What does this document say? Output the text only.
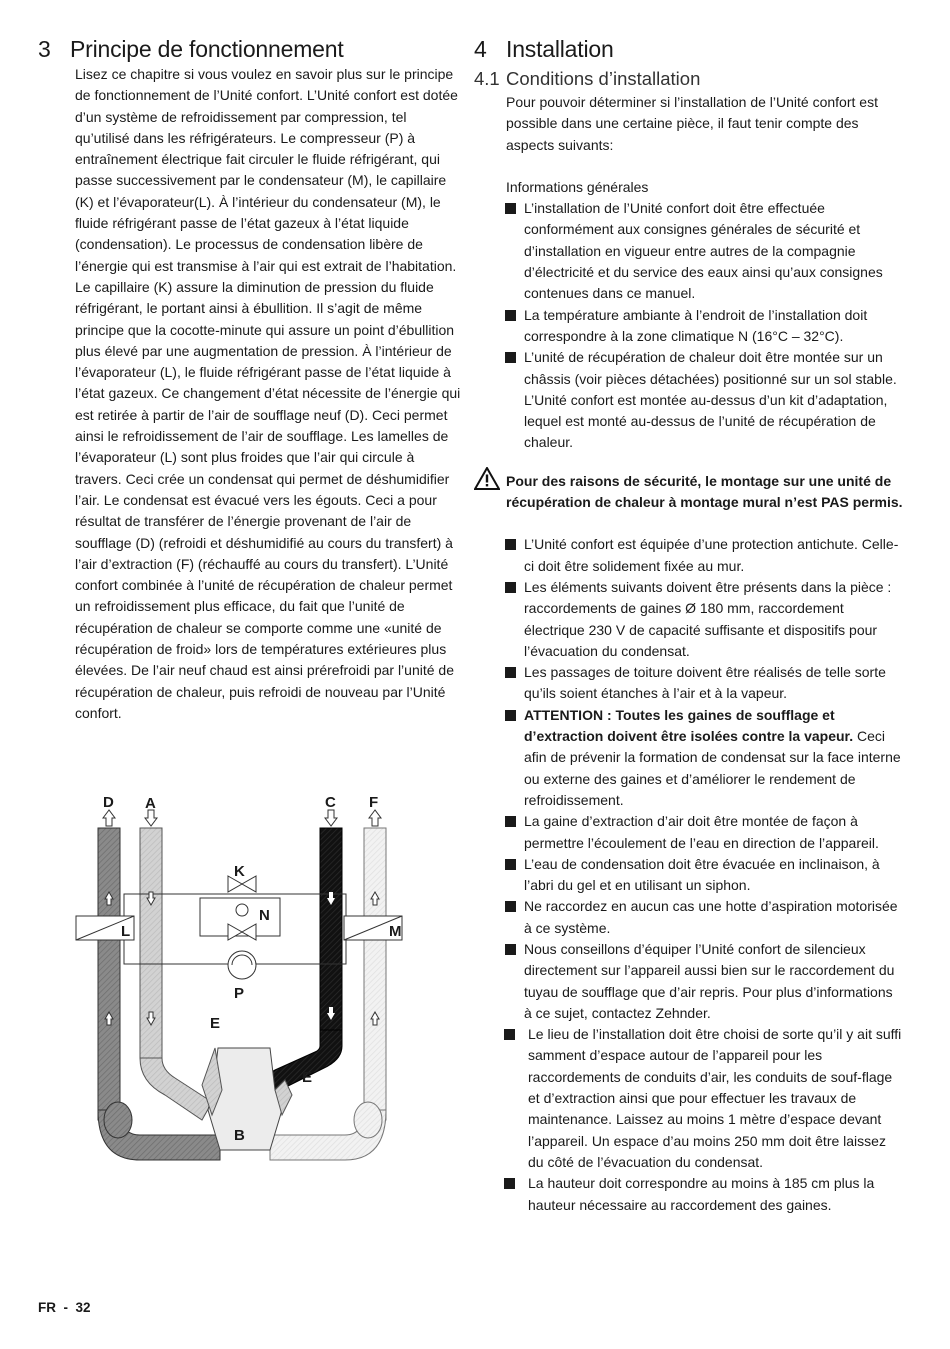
3 Principe de fonctionnement

Lisez ce chapitre si vous voulez en savoir plus sur le principe de fonctionnement de l’Unité confort. L’Unité confort est dotée d’un système de refroidissement par compression, tel qu’utilisé dans les réfrigérateurs. Le compresseur (P) à entraînement électrique fait circuler le fluide réfrigérant, qui passe successivement par le condensateur (M), le capillaire (K) et l’évaporateur(L). À l’intérieur du condensateur (M), le fluide réfrigérant passe de l’état gazeux à l’état liquide (condensation). Le processus de condensation libère de l’énergie qui est transmise à l’air qui est extrait de l’habitation. Le capillaire (K) assure la diminution de pression du fluide réfrigérant, le portant ainsi à ébullition. Il s’agit de même principe que la cocotte-minute qui assure un point d’ébullition plus élevé par une augmentation de pression. À l’intérieur de l’évaporateur (L), le fluide réfrigérant passe de l’état liquide à l’état gazeux. Ce changement d’état nécessite de l’énergie qui est retirée à partir de l’air de soufflage neuf (D). Ceci permet ainsi le refroidissement de l’air de soufflage. Les lamelles de l’évaporateur (L) sont plus froides que l’air qui circule à travers. Ceci crée un condensat qui permet de déshumidifier l’air. Le condensat est évacué vers les égouts. Ceci a pour résultat de transférer de l’énergie provenant de l’air de soufflage (D) (refroidi et déshumidifié au cours du transfert) à l’air d’extraction (F) (réchauffé au cours du transfert). L’Unité confort combinée à l’unité de récupération de chaleur permet un refroidissement plus efficace, du fait que l’unité de récupération de chaleur se comporte comme une «unité de récupération de froid» lors de températures extérieures plus élevées. De l’air neuf chaud est ainsi prérefroidi par l’unité de récupération de chaleur, puis refroidi de nouveau par l’Unité confort.

D A	C F
K
N
L	M
P
E
E
B
4 Installation
4.1 Conditions d’installation

Pour pouvoir déterminer si l’installation de l’Unité confort est possible dans une certaine pièce, il faut tenir compte des aspects suivants:

Informations générales

L’installation de l’Unité confort doit être effectuée conformément aux consignes générales de sécurité et d’installation en vigueur entre autres de la compagnie d’électricité et du service des eaux ainsi qu’aux consignes contenues dans ce manuel.
La température ambiante à l’endroit de l’installation doit correspondre à la zone climatique N (16°C – 32°C).
L’unité de récupération de chaleur doit être montée sur un châssis (voir pièces détachées) positionné sur un sol stable. L’Unité confort est montée au-dessus d’un kit d’adaptation, lequel est monté au-dessus de l’unité de récupération de chaleur.
Pour des raisons de sécurité, le montage sur une unité de récupération de chaleur à montage mural n’est PAS permis.
L’Unité confort est équipée d’une protection antichute. Celle-ci doit être solidement fixée au mur.
Les éléments suivants doivent être présents dans la pièce : raccordements de gaines Ø 180 mm, raccordement électrique 230 V de capacité suffisante et dispositifs pour l’évacuation du condensat.
Les passages de toiture doivent être réalisés de telle sorte qu’ils soient étanches à l’air et à la vapeur.
ATTENTION : Toutes les gaines de soufflage et d’extraction doivent être isolées contre la vapeur. Ceci afin de prévenir la formation de condensat sur la face interne ou externe des gaines et d’améliorer le rendement de refroidissement.
La gaine d’extraction d’air doit être montée de façon à permettre l’écoulement de l’eau en direction de l’appareil.
L’eau de condensation doit être évacuée en inclinaison, à l’abri du gel et en utilisant un siphon.
Ne raccordez en aucun cas une hotte d’aspiration motorisée à ce système.
Nous conseillons d’équiper l’Unité confort de silencieux directement sur l’appareil aussi bien sur le raccordement du tuyau de soufflage que d’air repris. Pour plus d’informations à ce sujet, contactez Zehnder.
Le lieu de l’installation doit être choisi de sorte qu’il y ait suffi samment d’espace autour de l’appareil pour les raccordements de conduits d’air, les conduits de souf-flage et d’extraction ainsi que pour effectuer les travaux de maintenance. Laissez au moins 1 mètre d’espace devant l’appareil. Un espace d’au moins 250 mm doit être laissez du côté de l’évacuation du condensat.
La hauteur doit correspondre au moins à 185 cm plus la hauteur nécessaire au raccordement des gaines.
FR  -  32
